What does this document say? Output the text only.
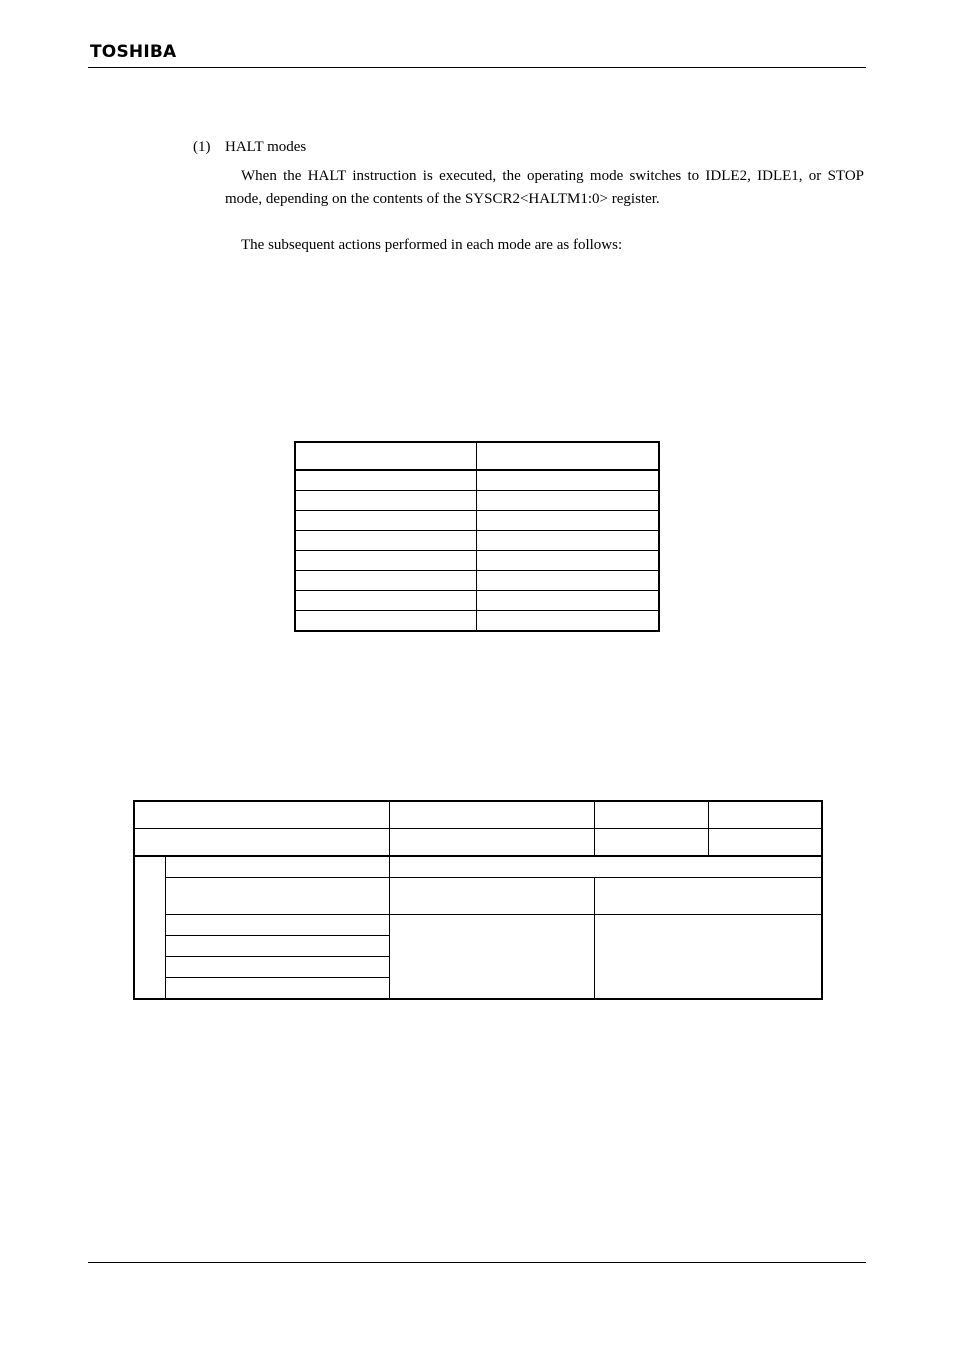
TOSHIBA
(1) HALT modes
When the HALT instruction is executed, the operating mode switches to IDLE2, IDLE1, or STOP mode, depending on the contents of the SYSCR2<HALTM1:0> register.
The subsequent actions performed in each mode are as follows:
